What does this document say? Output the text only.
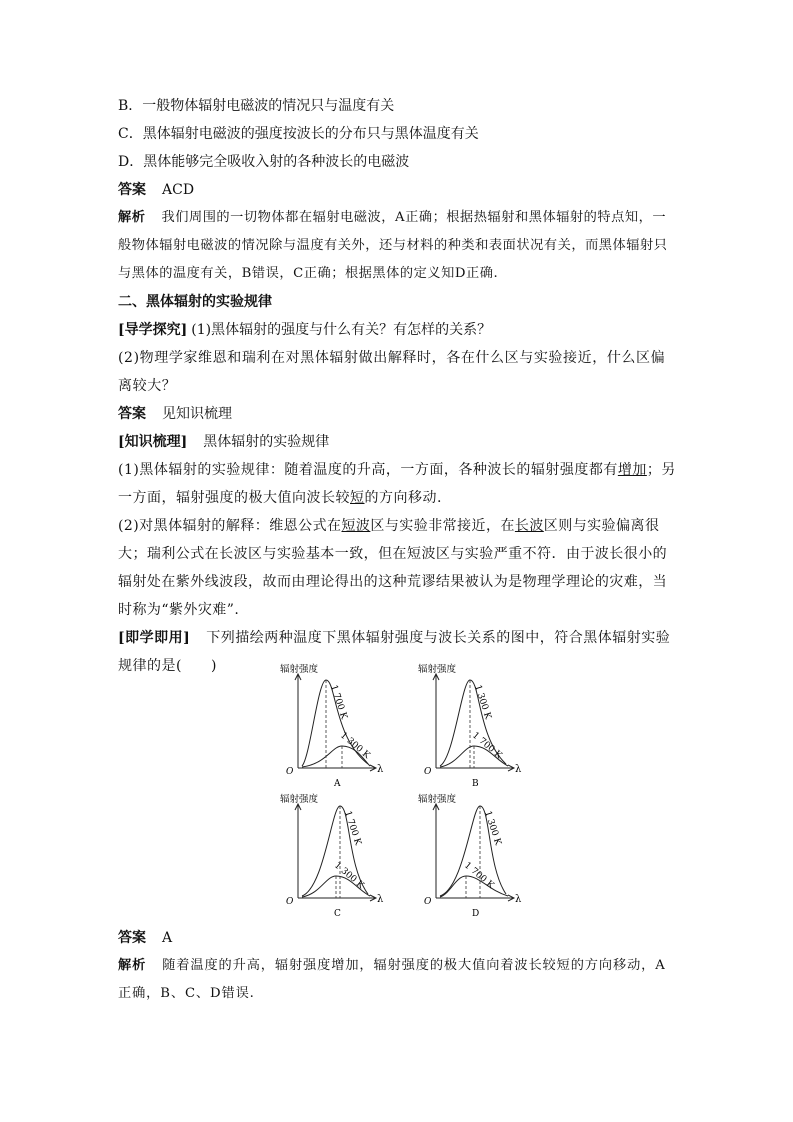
B．一般物体辐射电磁波的情况只与温度有关
C．黑体辐射电磁波的强度按波长的分布只与黑体温度有关
D．黑体能够完全吸收入射的各种波长的电磁波
答案 ACD
解析 我们周围的一切物体都在辐射电磁波，A正确；根据热辐射和黑体辐射的特点知，一般物体辐射电磁波的情况除与温度有关外，还与材料的种类和表面状况有关，而黑体辐射只与黑体的温度有关，B错误，C正确；根据黑体的定义知D正确.
二、黑体辐射的实验规律
[导学探究] (1)黑体辐射的强度与什么有关？有怎样的关系？
(2)物理学家维恩和瑞利在对黑体辐射做出解释时，各在什么区与实验接近，什么区偏离较大？
答案 见知识梳理
[知识梳理] 黑体辐射的实验规律
(1)黑体辐射的实验规律：随着温度的升高，一方面，各种波长的辐射强度都有增加；另一方面，辐射强度的极大值向波长较短的方向移动.
(2)对黑体辐射的解释：维恩公式在短波区与实验非常接近，在长波区则与实验偏离很大；瑞利公式在长波区与实验基本一致，但在短波区与实验严重不符．由于波长很小的辐射处在紫外线波段，故而由理论得出的这种荒谬结果被认为是物理学理论的灾难，当时称为“紫外灾难”.
[即学即用] 下列描绘两种温度下黑体辐射强度与波长关系的图中，符合黑体辐射实验规律的是(　　)	辐射强度
λ
O
A
1 700 K
1 300 K
辐射强度
λ
O
B
1 300 K
1 700 K
辐射强度
λ
O
C
1 700 K
1 300 K
辐射强度
λ
O
D
1 300 K
1 700 K
答案 A
解析 随着温度的升高，辐射强度增加，辐射强度的极大值向着波长较短的方向移动，A正确，B、C、D错误.
